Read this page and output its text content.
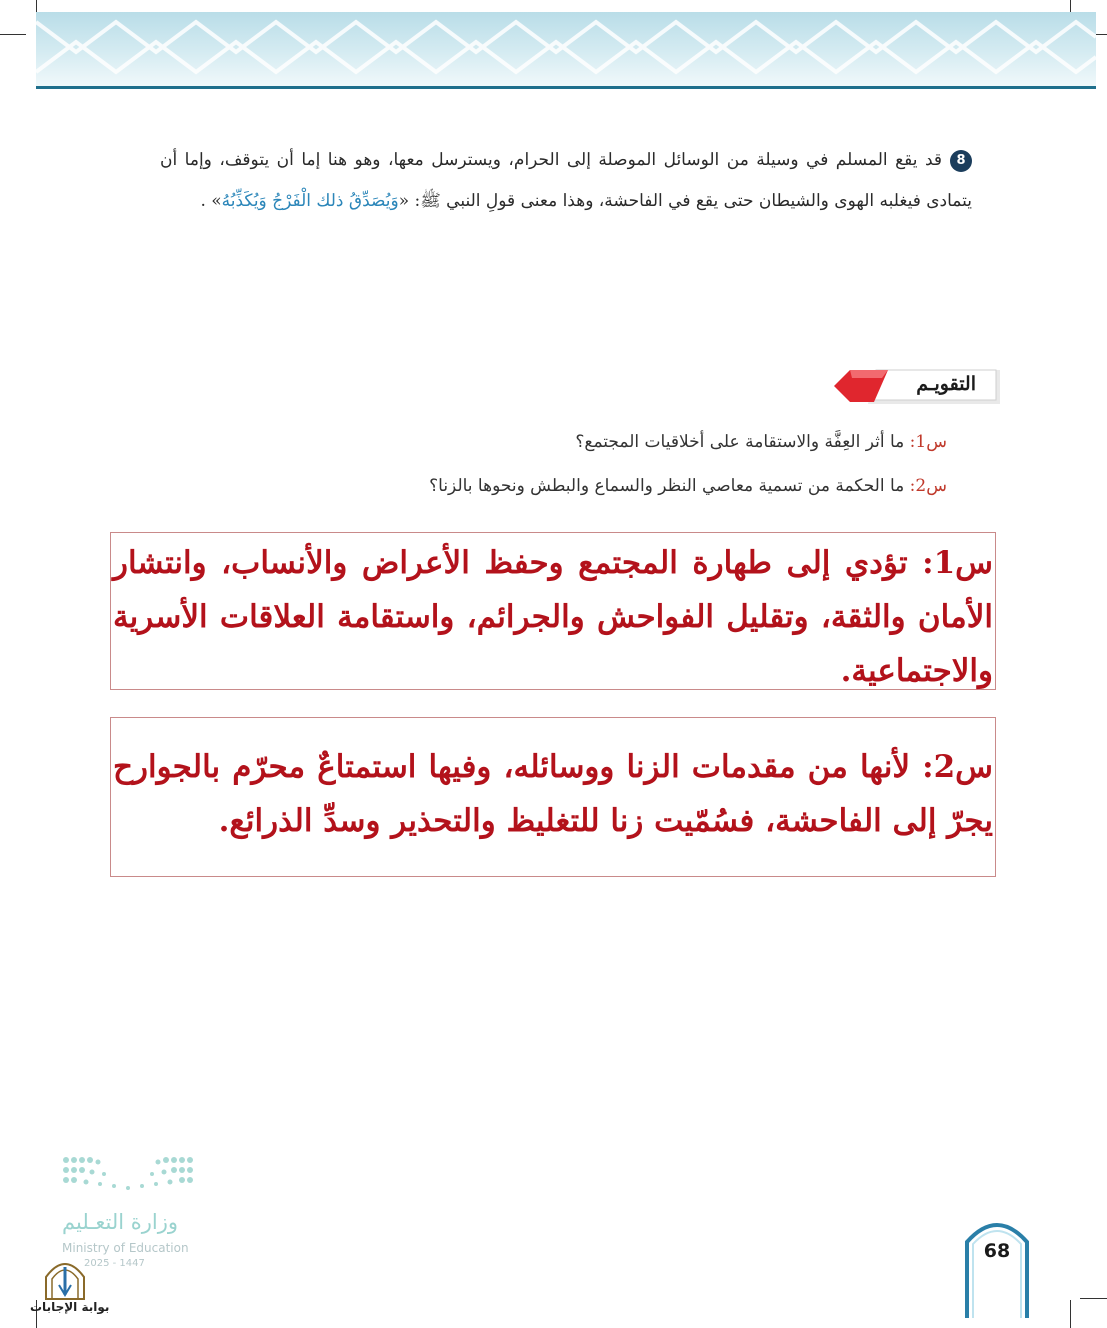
8قد يقع المسلم في وسيلة من الوسائل الموصلة إلى الحرام، ويسترسل معها، وهو هنا إما أن يتوقف، وإما أن يتمادى فيغلبه الهوى والشيطان حتى يقع في الفاحشة، وهذا معنى قولِ النبي ﷺ: «وَيُصَدِّقُ ذلك الْفَرْجُ وَيُكَذِّبُهُ» .
التقويـم
س1: ما أثر العِفَّة والاستقامة على أخلاقيات المجتمع؟
س2: ما الحكمة من تسمية معاصي النظر والسماع والبطش ونحوها بالزنا؟
س1: تؤدي إلى طهارة المجتمع وحفظ الأعراض والأنساب، وانتشار الأمان والثقة، وتقليل الفواحش والجرائم، واستقامة العلاقات الأسرية والاجتماعية.
س2: لأنها من مقدمات الزنا ووسائله، وفيها استمتاعٌ محرّم بالجوارح يجرّ إلى الفاحشة، فسُمّيت زنا للتغليظ والتحذير وسدِّ الذرائع.
وزارة التعـليم
Ministry of Education
2025 - 1447
بوابة الإجابات
68
